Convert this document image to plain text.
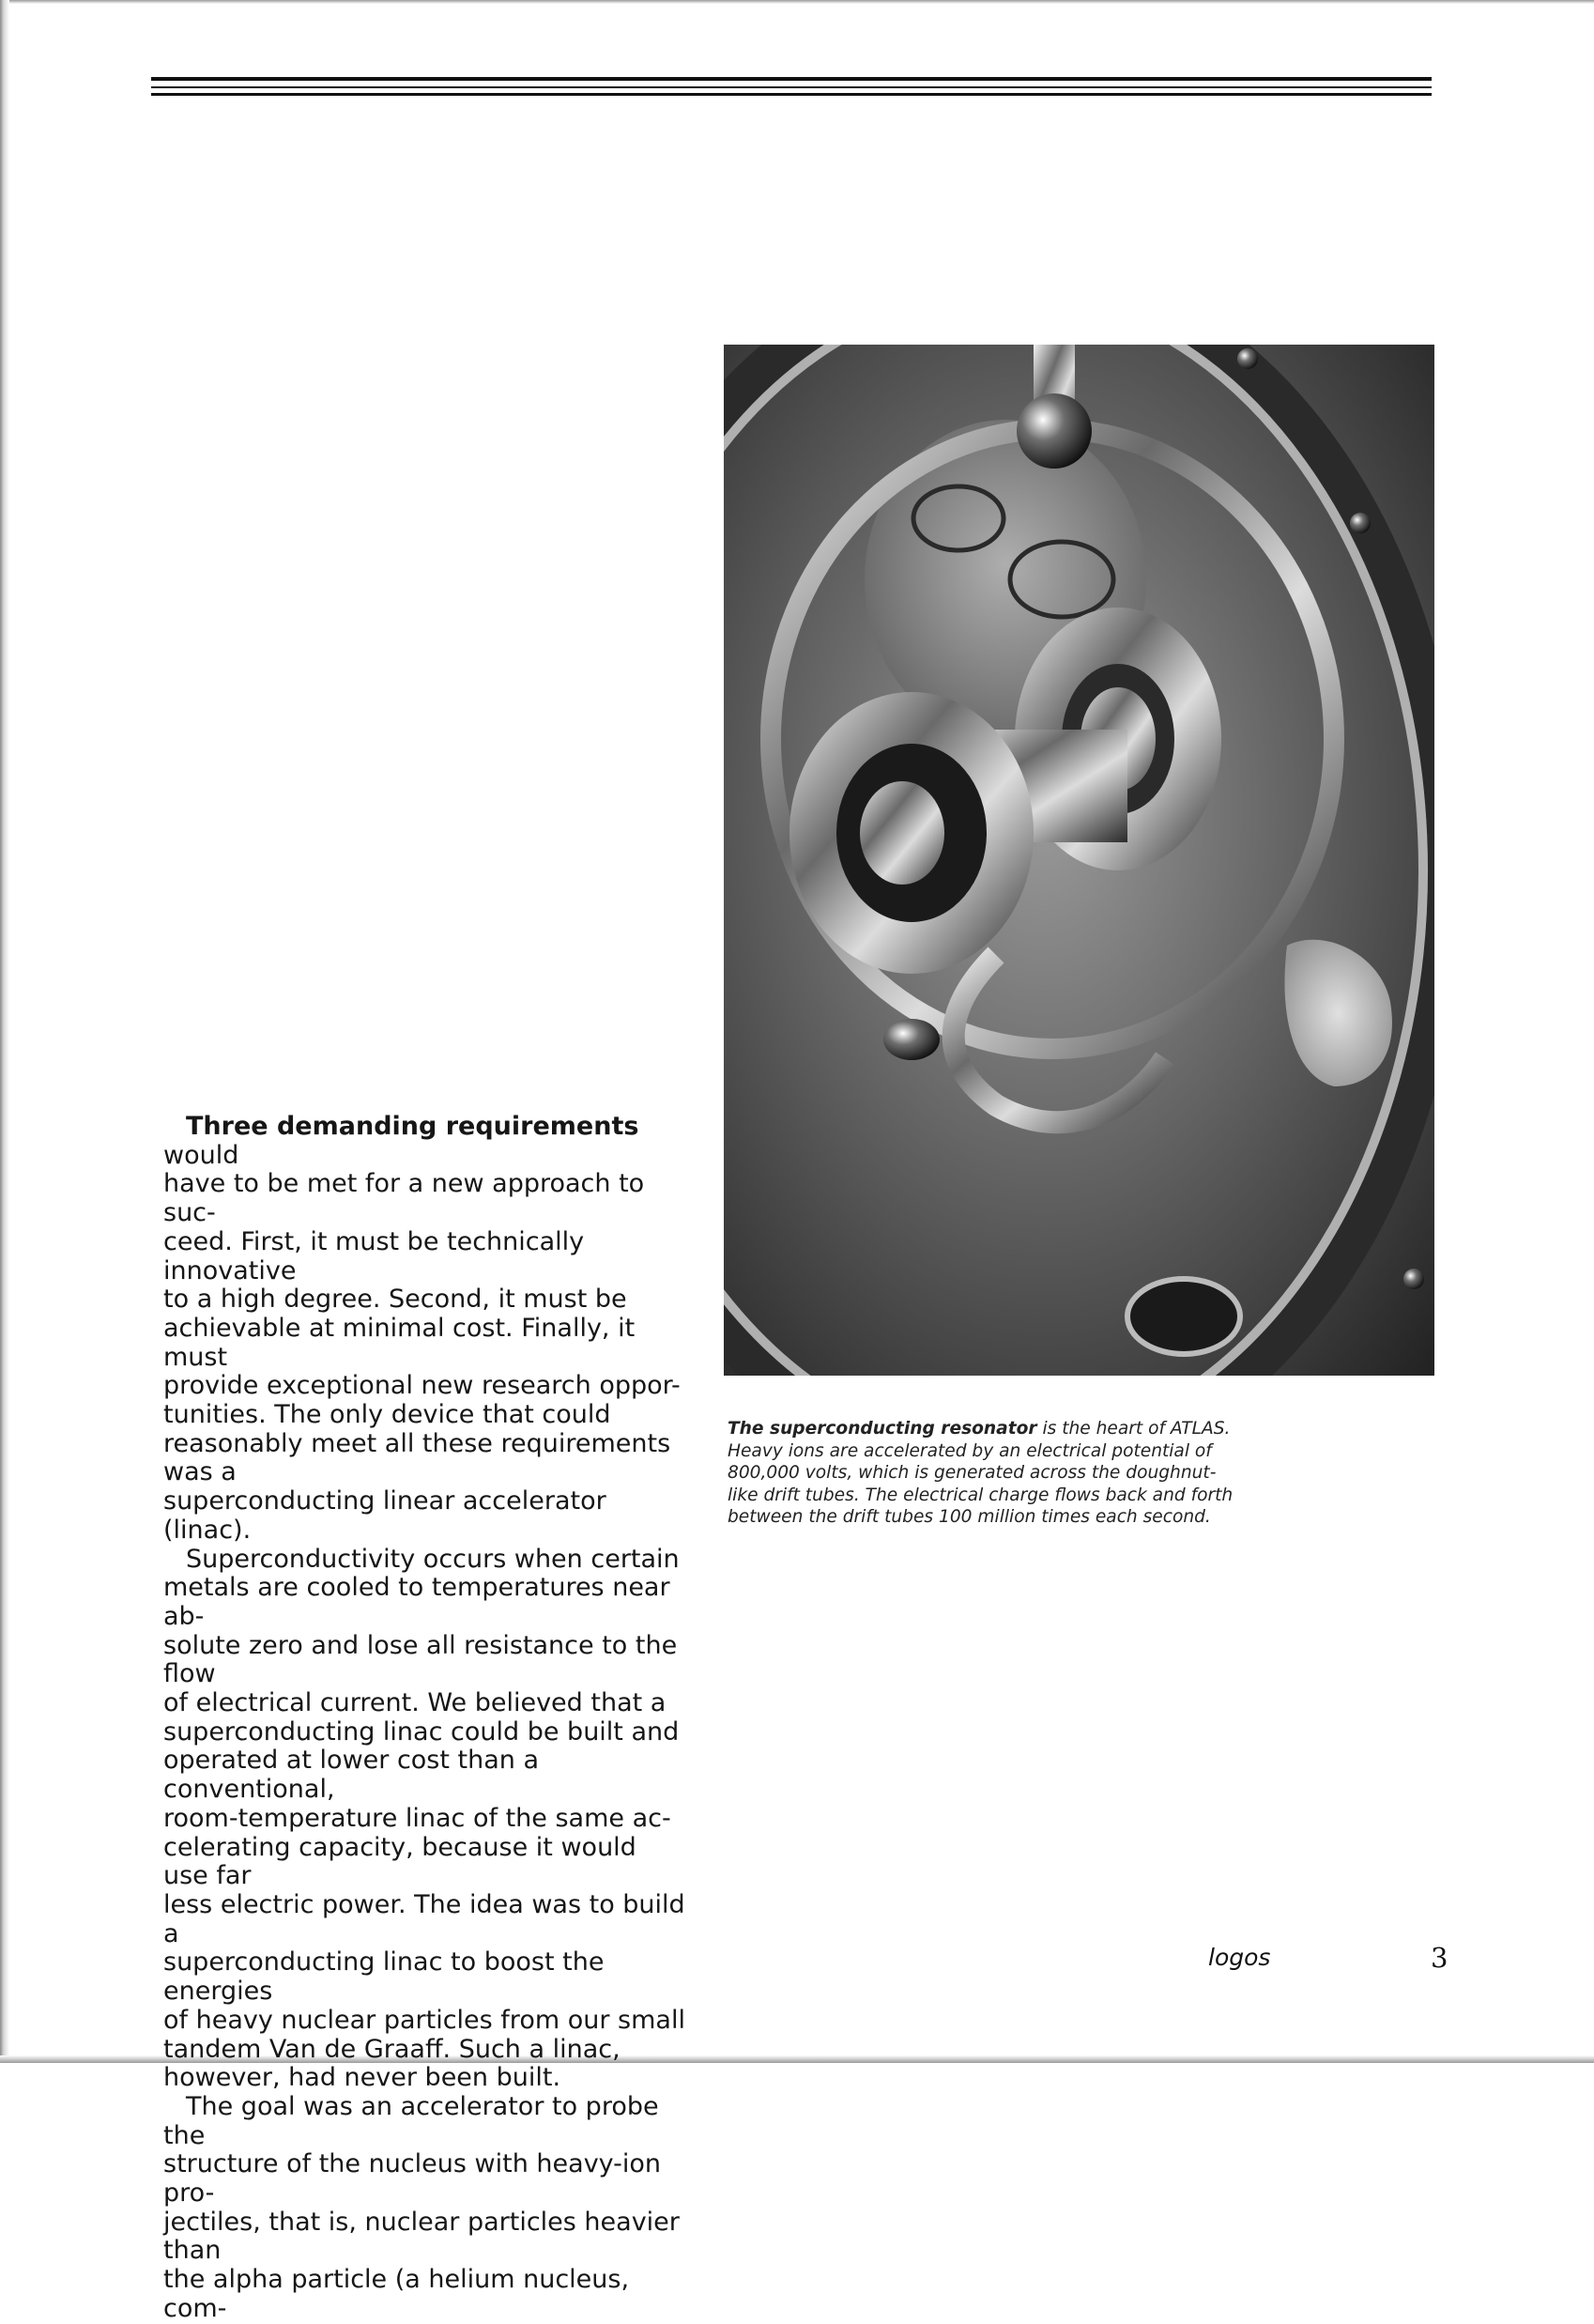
Three demanding requirements would
have to be met for a new approach to suc-
ceed. First, it must be technically innovative
to a high degree. Second, it must be
achievable at minimal cost. Finally, it must
provide exceptional new research oppor-
tunities. The only device that could
reasonably meet all these requirements was a
superconducting linear accelerator (linac).

Superconductivity occurs when certain
metals are cooled to temperatures near ab-
solute zero and lose all resistance to the flow
of electrical current. We believed that a
superconducting linac could be built and
operated at lower cost than a conventional,
room-temperature linac of the same ac-
celerating capacity, because it would use far
less electric power. The idea was to build a
superconducting linac to boost the energies
of heavy nuclear particles from our small
tandem Van de Graaff. Such a linac,
however, had never been built.

The goal was an accelerator to probe the
structure of the nucleus with heavy-ion pro-
jectiles, that is, nuclear particles heavier than
the alpha particle (a helium nucleus, com-

The superconducting resonator is the heart of ATLAS.
Heavy ions are accelerated by an electrical potential of
800,000 volts, which is generated across the doughnut-
like drift tubes. The electrical charge flows back and forth
between the drift tubes 100 million times each second.

logos	3
